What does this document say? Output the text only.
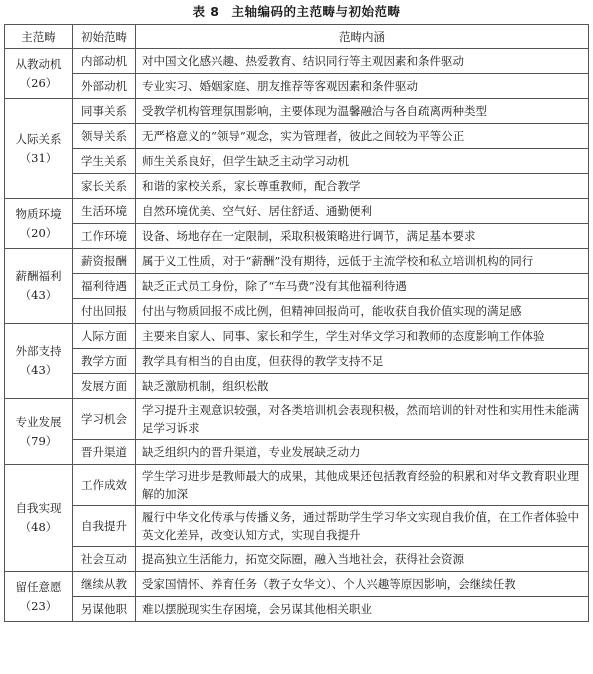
表 8 主轴编码的主范畴与初始范畴
主范畴	初始范畴	范畴内涵

从教动机
（26）	内部动机	对中国文化感兴趣、热爱教育、结识同行等主观因素和条件驱动
	外部动机	专业实习、婚姻家庭、朋友推荐等客观因素和条件驱动

人际关系
（31）	同事关系	受教学机构管理氛围影响，主要体现为温馨融洽与各自疏离两种类型
	领导关系	无严格意义的“领导”观念，实为管理者，彼此之间较为平等公正
	学生关系	师生关系良好，但学生缺乏主动学习动机
	家长关系	和谐的家校关系，家长尊重教师，配合教学

物质环境
（20）	生活环境	自然环境优美、空气好、居住舒适、通勤便利
	工作环境	设备、场地存在一定限制，采取积极策略进行调节，满足基本要求

薪酬福利
（43）	薪资报酬	属于义工性质，对于“薪酬”没有期待，远低于主流学校和私立培训机构的同行
	福利待遇	缺乏正式员工身份，除了“车马费”没有其他福利待遇
	付出回报	付出与物质回报不成比例，但精神回报尚可，能收获自我价值实现的满足感

外部支持
（43）	人际方面	主要来自家人、同事、家长和学生，学生对华文学习和教师的态度影响工作体验
	教学方面	教学具有相当的自由度，但获得的教学支持不足
	发展方面	缺乏激励机制，组织松散

专业发展
（79）	学习机会	学习提升主观意识较强，对各类培训机会表现积极，然而培训的针对性和实用性未能满足学习诉求
	晋升渠道	缺乏组织内的晋升渠道，专业发展缺乏动力

自我实现
（48）	工作成效	学生学习进步是教师最大的成果，其他成果还包括教育经验的积累和对华文教育职业理解的加深
	自我提升	履行中华文化传承与传播义务，通过帮助学生学习华文实现自我价值，在工作者体验中英文化差异，改变认知方式，实现自我提升
	社会互动	提高独立生活能力，拓宽交际圈，融入当地社会，获得社会资源

留任意愿
（23）	继续从教	受家国情怀、养育任务（教子女华文）、个人兴趣等原因影响，会继续任教
	另谋他职	难以摆脱现实生存困境，会另谋其他相关职业
